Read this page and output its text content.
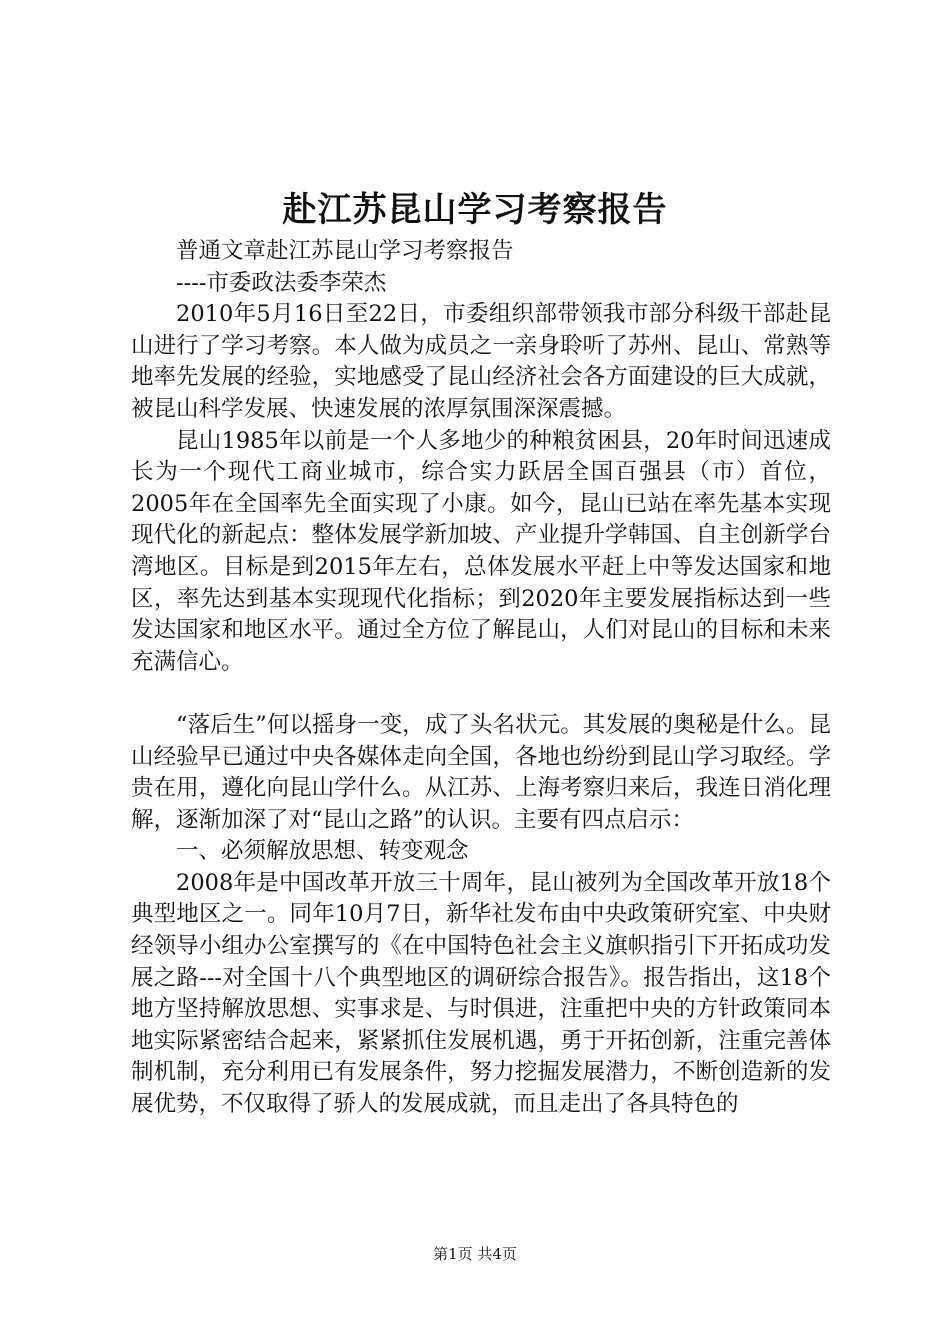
赴江苏昆山学习考察报告

普通文章赴江苏昆山学习考察报告

----市委政法委李荣杰

2010年5月16日至22日，市委组织部带领我市部分科级干部赴昆山进行了学习考察。本人做为成员之一亲身聆听了苏州、昆山、常熟等地率先发展的经验，实地感受了昆山经济社会各方面建设的巨大成就，被昆山科学发展、快速发展的浓厚氛围深深震撼。

昆山1985年以前是一个人多地少的种粮贫困县，20年时间迅速成长为一个现代工商业城市，综合实力跃居全国百强县（市）首位，2005年在全国率先全面实现了小康。如今，昆山已站在率先基本实现现代化的新起点：整体发展学新加坡、产业提升学韩国、自主创新学台湾地区。目标是到2015年左右，总体发展水平赶上中等发达国家和地区，率先达到基本实现现代化指标；到2020年主要发展指标达到一些发达国家和地区水平。通过全方位了解昆山，人们对昆山的目标和未来充满信心。

“落后生”何以摇身一变，成了头名状元。其发展的奥秘是什么。昆山经验早已通过中央各媒体走向全国，各地也纷纷到昆山学习取经。学贵在用，遵化向昆山学什么。从江苏、上海考察归来后，我连日消化理解，逐渐加深了对“昆山之路”的认识。主要有四点启示：

一、必须解放思想、转变观念

2008年是中国改革开放三十周年，昆山被列为全国改革开放18个典型地区之一。同年10月7日，新华社发布由中央政策研究室、中央财经领导小组办公室撰写的《在中国特色社会主义旗帜指引下开拓成功发展之路---对全国十八个典型地区的调研综合报告》。报告指出，这18个地方坚持解放思想、实事求是、与时俱进，注重把中央的方针政策同本地实际紧密结合起来，紧紧抓住发展机遇，勇于开拓创新，注重完善体制机制，充分利用已有发展条件，努力挖掘发展潜力，不断创造新的发展优势，不仅取得了骄人的发展成就，而且走出了各具特色的

第1页 共4页
